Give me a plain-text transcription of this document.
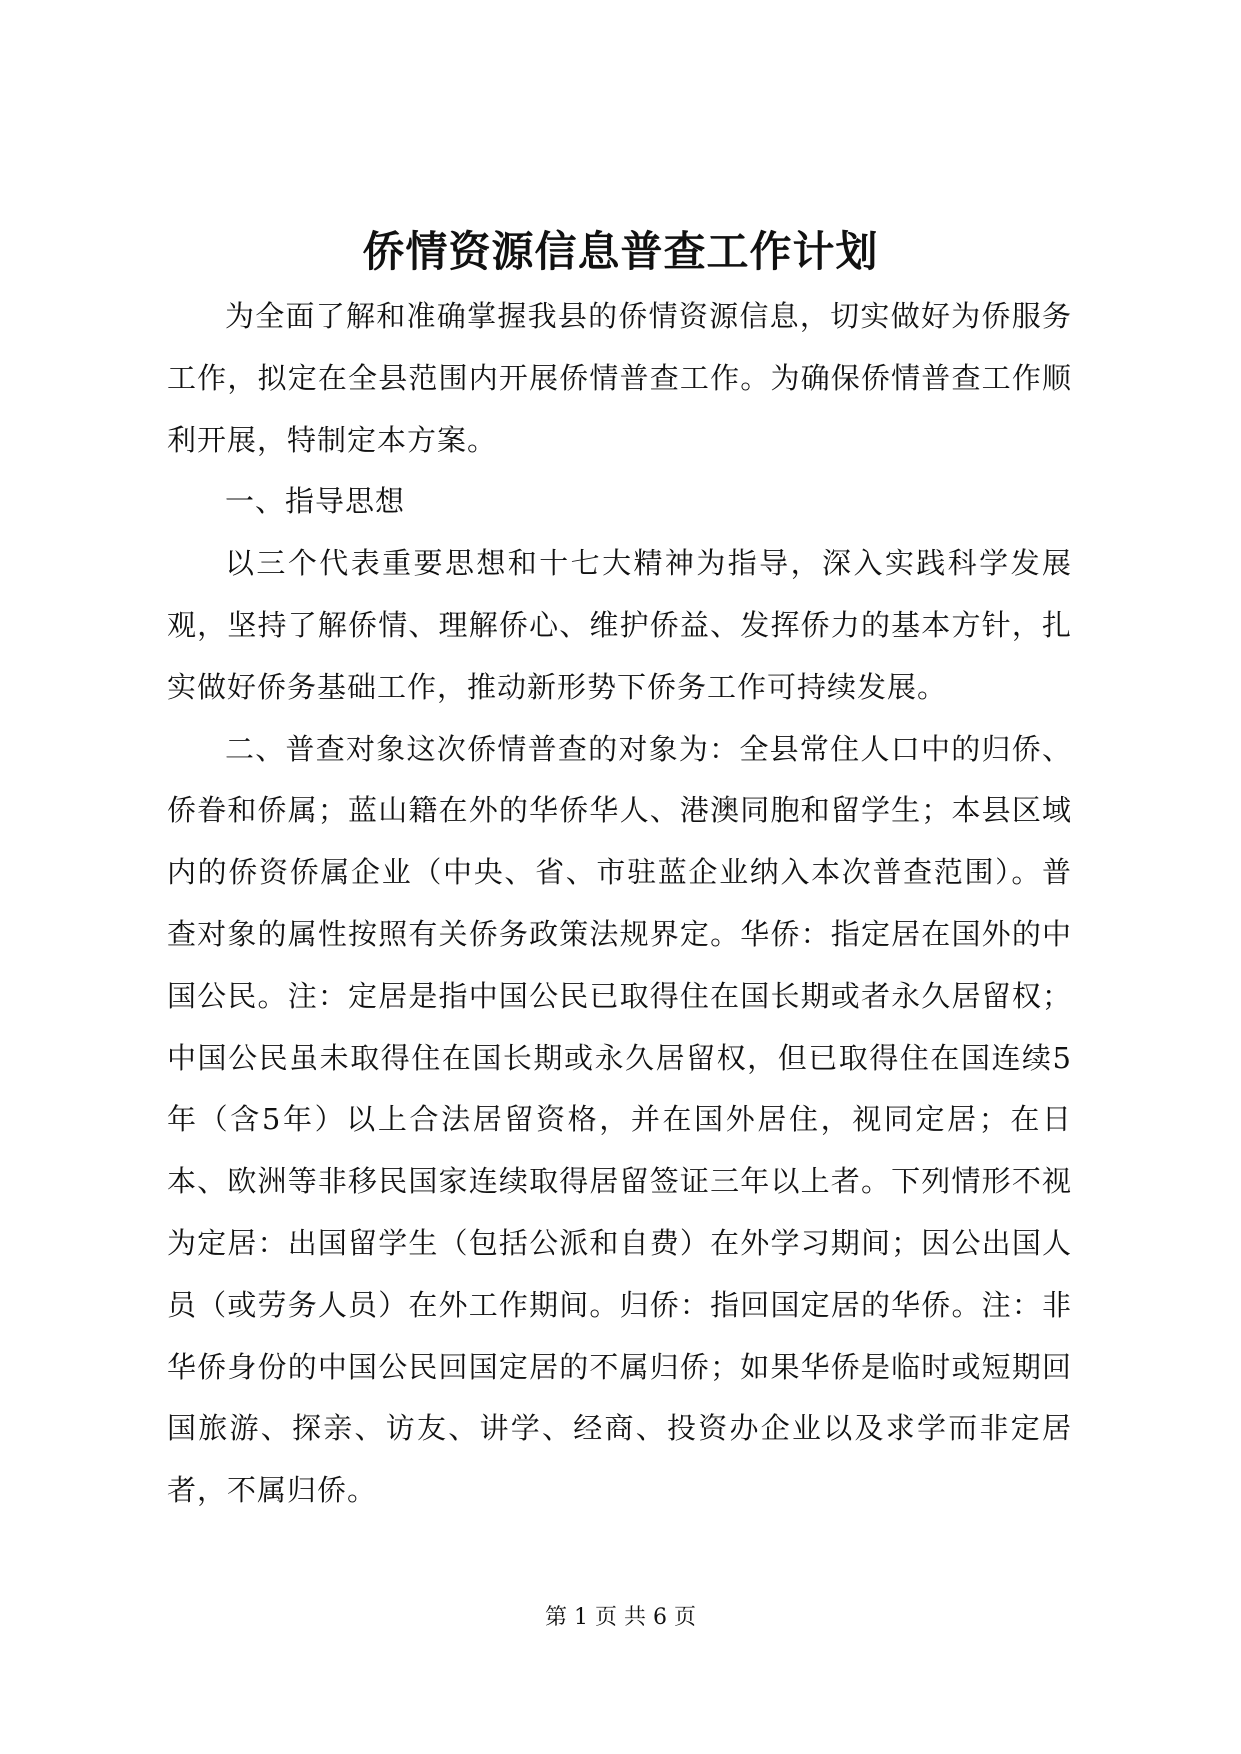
侨情资源信息普查工作计划

为全面了解和准确掌握我县的侨情资源信息，切实做好为侨服务工作，拟定在全县范围内开展侨情普查工作。为确保侨情普查工作顺利开展，特制定本方案。

一、指导思想

以三个代表重要思想和十七大精神为指导，深入实践科学发展观，坚持了解侨情、理解侨心、维护侨益、发挥侨力的基本方针，扎实做好侨务基础工作，推动新形势下侨务工作可持续发展。

二、普查对象这次侨情普查的对象为：全县常住人口中的归侨、侨眷和侨属；蓝山籍在外的华侨华人、港澳同胞和留学生；本县区域内的侨资侨属企业（中央、省、市驻蓝企业纳入本次普查范围）。普查对象的属性按照有关侨务政策法规界定。华侨：指定居在国外的中国公民。注：定居是指中国公民已取得住在国长期或者永久居留权；中国公民虽未取得住在国长期或永久居留权，但已取得住在国连续5年（含5年）以上合法居留资格，并在国外居住，视同定居；在日本、欧洲等非移民国家连续取得居留签证三年以上者。下列情形不视为定居：出国留学生（包括公派和自费）在外学习期间；因公出国人员（或劳务人员）在外工作期间。归侨：指回国定居的华侨。注：非华侨身份的中国公民回国定居的不属归侨；如果华侨是临时或短期回国旅游、探亲、访友、讲学、经商、投资办企业以及求学而非定居者，不属归侨。

第 1 页 共 6 页
